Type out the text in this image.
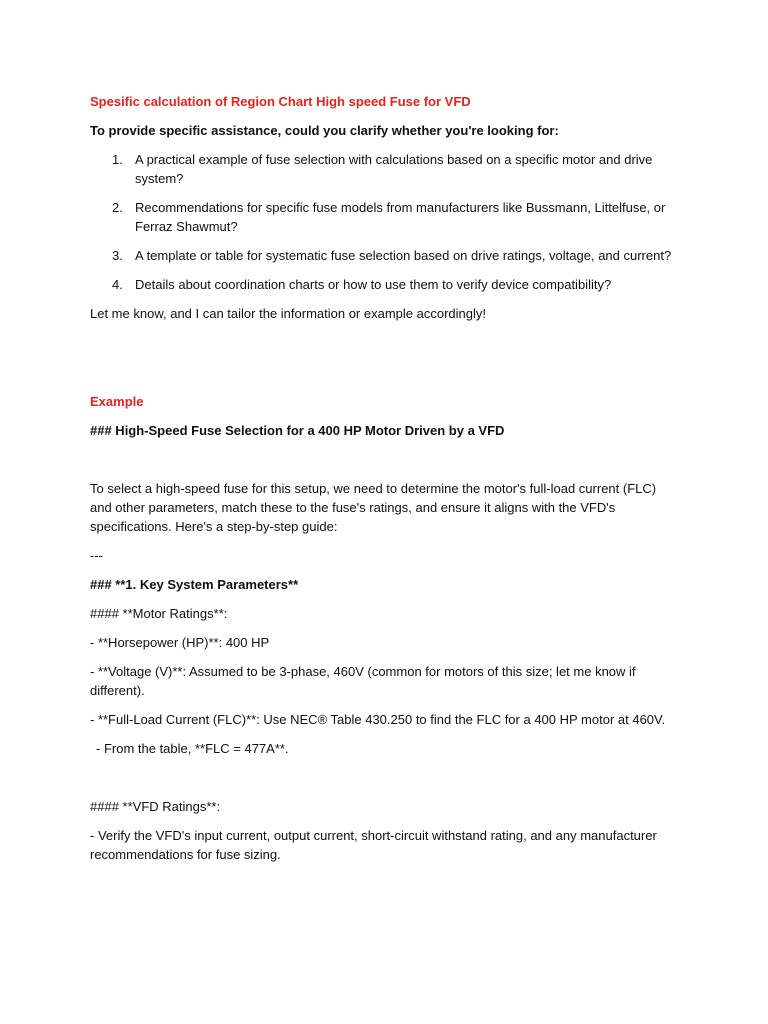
Spesific calculation of Region Chart High speed Fuse for VFD

To provide specific assistance, could you clarify whether you're looking for:

1. A practical example of fuse selection with calculations based on a specific motor and drive system?
2. Recommendations for specific fuse models from manufacturers like Bussmann, Littelfuse, or Ferraz Shawmut?
3. A template or table for systematic fuse selection based on drive ratings, voltage, and current?
4. Details about coordination charts or how to use them to verify device compatibility?

Let me know, and I can tailor the information or example accordingly!

Example

### High-Speed Fuse Selection for a 400 HP Motor Driven by a VFD

To select a high-speed fuse for this setup, we need to determine the motor's full-load current (FLC) and other parameters, match these to the fuse's ratings, and ensure it aligns with the VFD's specifications. Here's a step-by-step guide:

---

### **1. Key System Parameters**

#### **Motor Ratings**:

- **Horsepower (HP)**: 400 HP

- **Voltage (V)**: Assumed to be 3-phase, 460V (common for motors of this size; let me know if different).

- **Full-Load Current (FLC)**: Use NEC® Table 430.250 to find the FLC for a 400 HP motor at 460V.

- From the table, **FLC = 477A**.

#### **VFD Ratings**:

- Verify the VFD's input current, output current, short-circuit withstand rating, and any manufacturer recommendations for fuse sizing.
